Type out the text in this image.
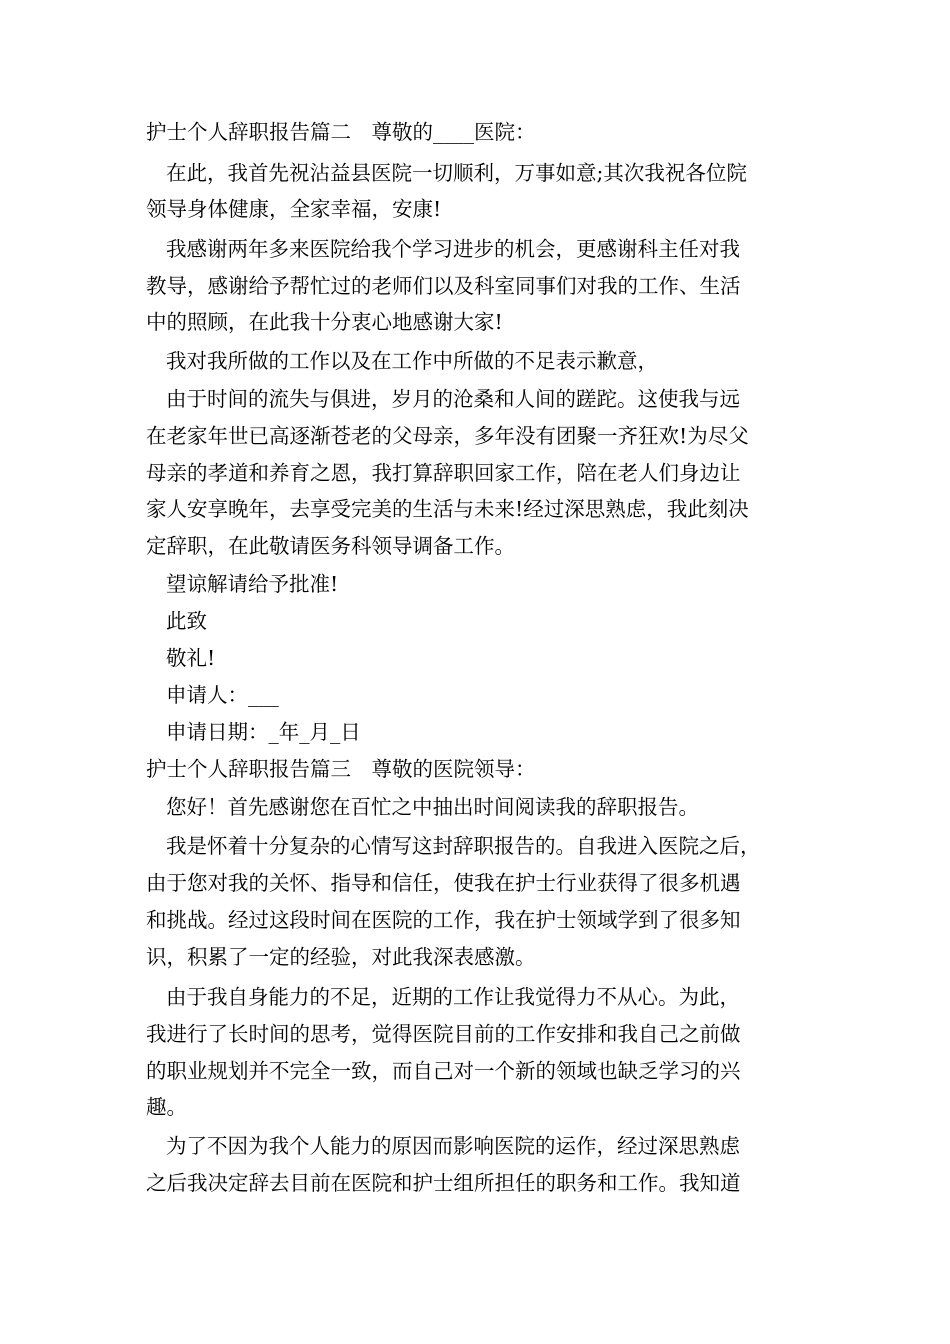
护士个人辞职报告篇二　尊敬的____医院：
在此，我首先祝沾益县医院一切顺利，万事如意;其次我祝各位院
领导身体健康，全家幸福，安康!
我感谢两年多来医院给我个学习进步的机会，更感谢科主任对我
教导，感谢给予帮忙过的老师们以及科室同事们对我的工作、生活
中的照顾，在此我十分衷心地感谢大家!
我对我所做的工作以及在工作中所做的不足表示歉意，
由于时间的流失与俱进，岁月的沧桑和人间的蹉跎。这使我与远
在老家年世已高逐渐苍老的父母亲，多年没有团聚一齐狂欢!为尽父
母亲的孝道和养育之恩，我打算辞职回家工作，陪在老人们身边让
家人安享晚年，去享受完美的生活与未来!经过深思熟虑，我此刻决
定辞职，在此敬请医务科领导调备工作。
望谅解请给予批准!
此致
敬礼!
申请人：___
申请日期：_年_月_日
护士个人辞职报告篇三　尊敬的医院领导：
您好！首先感谢您在百忙之中抽出时间阅读我的辞职报告。
我是怀着十分复杂的心情写这封辞职报告的。自我进入医院之后，
由于您对我的关怀、指导和信任，使我在护士行业获得了很多机遇
和挑战。经过这段时间在医院的工作，我在护士领域学到了很多知
识，积累了一定的经验，对此我深表感激。
由于我自身能力的不足，近期的工作让我觉得力不从心。为此，
我进行了长时间的思考，觉得医院目前的工作安排和我自己之前做
的职业规划并不完全一致，而自己对一个新的领域也缺乏学习的兴
趣。
为了不因为我个人能力的原因而影响医院的运作，经过深思熟虑
之后我决定辞去目前在医院和护士组所担任的职务和工作。我知道
